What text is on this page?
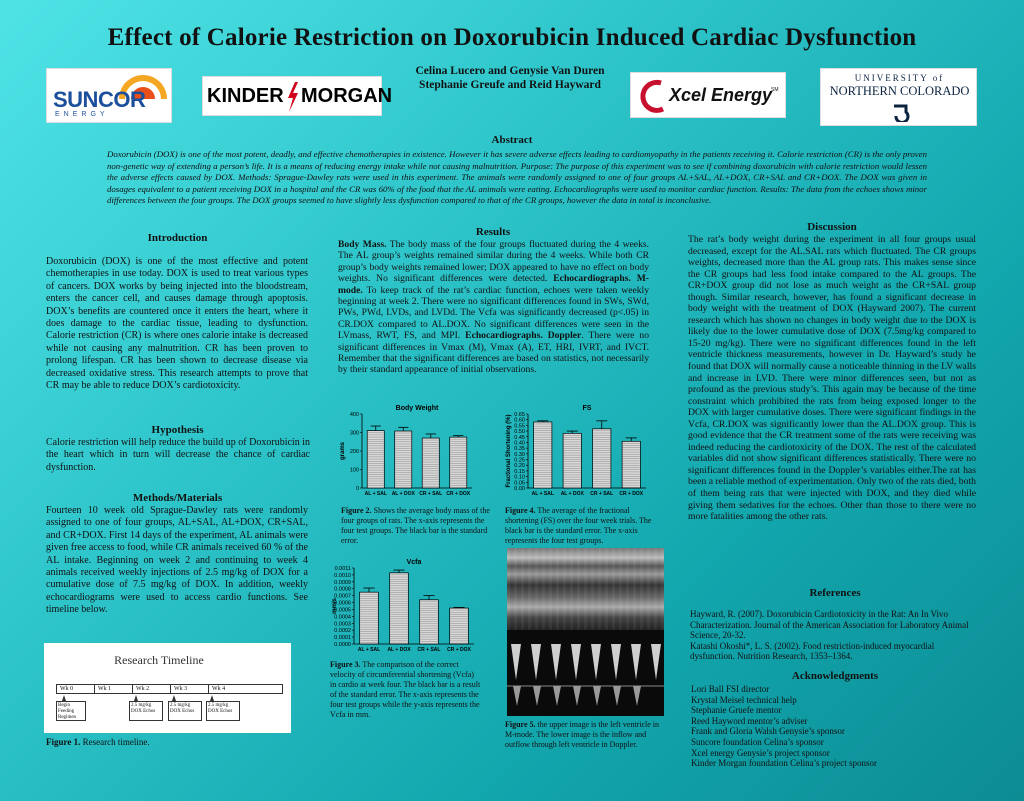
Effect of Calorie Restriction on Doxorubicin Induced Cardiac Dysfunction
Celina Lucero and Genysie Van Duren
Stephanie Greufe and Reid Hayward
SUNCOR
ENERGY
KINDER MORGAN	Xcel Energy
SM
UNIVERSITY of
NORTHERN COLORADO
Abstract
Doxorubicin (DOX) is one of the most potent, deadly, and effective chemotherapies in existence. However it has severe adverse effects leading to cardiomyopathy in the patients receiving it. Calorie restriction (CR) is the only proven non-genetic way of extending a person’s life. It is a means of reducing energy intake while not causing malnutrition. Purpose: The purpose of this experiment was to see if combining doxorubicin with calorie restriction would lessen the adverse effects caused by DOX. Methods: Sprague-Dawley rats were used in this experiment. The animals were randomly assigned to one of four groups AL+SAL, AL+DOX, CR+SAL and CR+DOX. The DOX was given in dosages equivalent to a patient receiving DOX in a hospital and the CR was 60% of the food that the AL animals were eating. Echocardiographs were used to monitor cardiac function. Results: The data from the echoes shows minor differences between the four groups. The DOX groups seemed to have slightly less dysfunction compared to that of the CR groups, however the data in total is inconclusive.
Introduction
Doxorubicin (DOX) is one of the most effective and potent chemotherapies in use today. DOX is used to treat various types of cancers. DOX works by being injected into the bloodstream, enters the cancer cell, and causes damage through apoptosis. DOX’s benefits are countered once it enters the heart, where it does damage to the cardiac tissue, leading to dysfunction. Calorie restriction (CR) is where ones calorie intake is decreased while not causing any malnutrition. CR has been proven to prolong lifespan. CR has been shown to decrease disease via decreased oxidative stress. This research attempts to prove that CR may be able to reduce DOX’s cardiotoxicity.
Hypothesis
Calorie restriction will help reduce the build up of Doxorubicin in the heart which in turn will decrease the chance of cardiac dysfunction.
Methods/Materials
Fourteen 10 week old Sprague-Dawley rats were randomly assigned to one of four groups, AL+SAL, AL+DOX, CR+SAL, and CR+DOX. First 14 days of the experiment, AL animals were given free access to food, while CR animals received 60 % of the AL intake. Beginning on week 2 and continuing to week 4 animals received weekly injections of 2.5 mg/kg of DOX for a cumulative dose of 7.5 mg/kg of DOX. In addition, weekly echocardiograms were used to access cardio functions. See timeline below.
Research Timeline
Wk 0	Wk 1	Wk 2	Wk 3	Wk 4
Begin Feeding Regimen
2.5 mg/kg DOX Echos
2.5 mg/kg DOX Echos
2.5 mg/kg DOX Echos
Figure 1. Research timeline.
Results
Body Mass. The body mass of the four groups fluctuated during the 4 weeks. The AL group’s weights remained similar during the 4 weeks. While both CR group’s body weights remained lower; DOX appeared to have no effect on body weights. No significant differences were detected. Echocardiographs. M-mode. To keep track of the rat’s cardiac function, echoes were taken weekly beginning at week 2. There were no significant differences found in SWs, SWd, PWs, PWd, LVDs, and LVDd. The Vcfa was significantly decreased (p<.05) in CR.DOX compared to AL.DOX. No significant differences were seen in the LVmass, RWT, FS, and MPI. Echocardiographs. Doppler. There were no significant differences in Vmax (M), Vmax (A), ET, HRI, IVRT, and IVCT. Remember that the significant differences are based on statistics, not necessarily by their standard appearance of initial observations.
Body Weight
grams
0
100
200
300
400
AL + SAL AL + DOX CR + SAL CR + DOX
FS
Fractional Shortening (%)
0.00
0.05
0.10
0.15
0.20
0.25
0.30
0.35
0.40
0.45
0.50
0.55
0.60
0.65
AL + SAL AL + DOX CR + SAL CR + DOX
Vcfa
mm/s
0.0000
0.0001
0.0002
0.0003
0.0004
0.0005
0.0006
0.0007
0.0008
0.0009
0.0010
0.0011
AL + SAL AL + DOX CR + SAL CR + DOX
Figure 2. Shows the average body mass of the four groups of rats. The x-axis represents the four test groups. The black bar is the standard error.
Figure 4. The average of the fractional shortening (FS) over the four week trials. The black bar is the standard error. The x-axis represents the four test groups.
Figure 3. The comparison of the correct velocity of circumferential shortening (Vcfa) in cardio at week four. The black bar is a result of the standard error. The x-axis represents the four test groups while the y-axis represents the Vcfa in mm.
Figure 5. the upper image is the left ventricle in M-mode. The lower image is the inflow and outflow through left ventricle in Doppler.
Discussion
The rat’s body weight during the experiment in all four groups usual decreased, except for the AL.SAL rats which fluctuated. The CR groups weights, decreased more than the AL group rats. This makes sense since the CR groups had less food intake compared to the AL groups. The CR+DOX group did not lose as much weight as the CR+SAL group though. Similar research, however, has found a significant decrease in body weight with the treatment of DOX (Hayward 2007). The current research which has shown no changes in body weight due to the DOX is likely due to the lower cumulative dose of DOX (7.5mg/kg compared to 15-20 mg/kg). There were no significant differences found in the left ventricle thickness measurements, however in Dr. Hayward’s study he found that DOX will normally cause a noticeable thinning in the LV walls and increase in LVD. There were minor differences seen, but not as profound as the previous study’s. This again may be because of the time constraint which prohibited the rats from being exposed longer to the DOX with larger cumulative doses. There were significant findings in the Vcfa, CR.DOX was significantly lower than the AL.DOX group. This is good evidence that the CR treatment some of the rats were receiving was indeed reducing the cardiotoxicity of the DOX. The rest of the calculated variables did not show significant differences statistically. There were no significant differences found in the Doppler’s variables either.The rat has been a reliable method of experimentation. Only two of the rats died, both of them being rats that were injected with DOX, and they died while giving them sedatives for the echoes. Other than those to there were no more fatalities among the other rats.
References
Hayward, R. (2007). Doxorubicin Cardiotoxicity in the Rat: An In Vivo Characterization. Journal of the American Association for Laboratory Animal Science, 20-32.
Katashi Okoshi*, L. S. (2002). Food restriction-induced myocardial dysfunction. Nutrition Research, 1353–1364.
Acknowledgments
Lori Ball FSI director
Krystal Meisel technical help
Stephanie Gruefe mentor
Reed Hayword mentor’s adviser
Frank and Gloria Walsh Genysie’s sponsor
Suncore foundation Celina’s sponsor
Xcel energy Genysie’s project sponsor
Kinder Morgan foundation Celina’s project sponsor
